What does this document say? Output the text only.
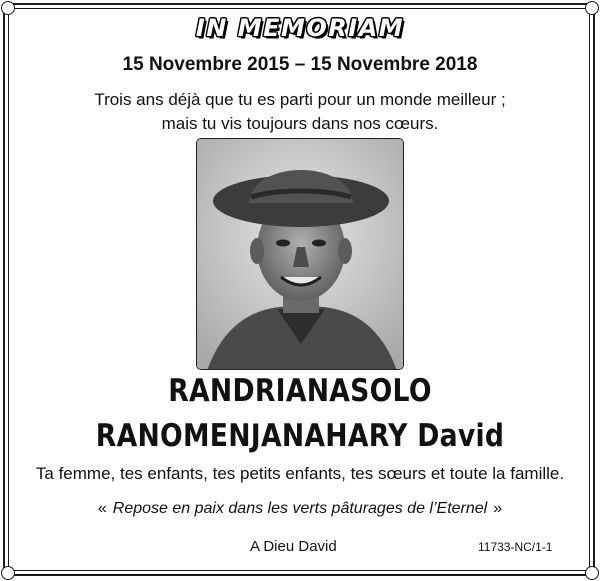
IN MEMORIAM
15 Novembre 2015 – 15 Novembre 2018
Trois ans déjà que tu es parti pour un monde meilleur ;
mais tu vis toujours dans nos cœurs.
RANDRIANASOLO
RANOMENJANAHARY David
Ta femme, tes enfants, tes petits enfants, tes sœurs et toute la famille.
« Repose en paix dans les verts pâturages de l’Eternel »
A Dieu David	11733-NC/1-1
